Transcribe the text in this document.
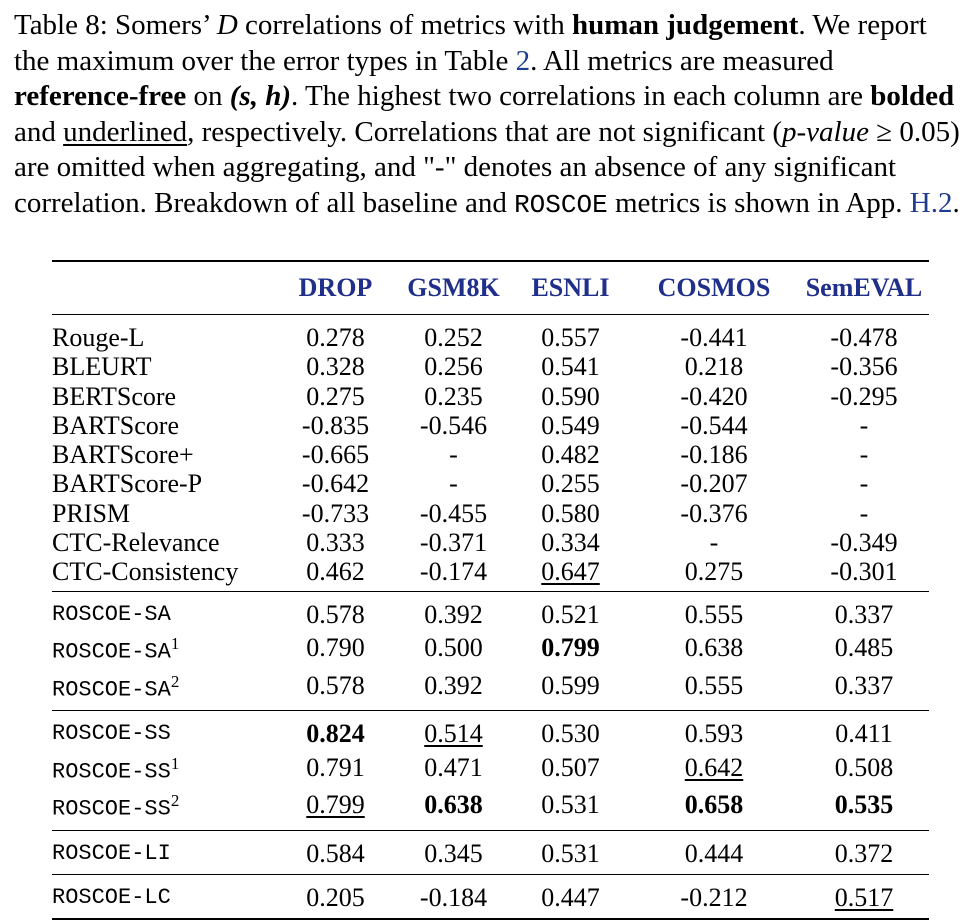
Table 8: Somers’ D correlations of metrics with human judgement. We report the maximum over the error types in Table 2. All metrics are measured reference-free on (s, h). The highest two correlations in each column are bolded and underlined, respectively. Correlations that are not significant (p-value ≥ 0.05) are omitted when aggregating, and "-" denotes an absence of any significant correlation. Breakdown of all baseline and ROSCOE metrics is shown in App. H.2.
	DROP	GSM8K	ESNLI	COSMOS	SemEVAL
Rouge-L	0.278	0.252	0.557	-0.441	-0.478
BLEURT	0.328	0.256	0.541	0.218	-0.356
BERTScore	0.275	0.235	0.590	-0.420	-0.295
BARTScore	-0.835	-0.546	0.549	-0.544	-
BARTScore+	-0.665	-	0.482	-0.186	-
BARTScore-P	-0.642	-	0.255	-0.207	-
PRISM	-0.733	-0.455	0.580	-0.376	-
CTC-Relevance	0.333	-0.371	0.334	-	-0.349
CTC-Consistency	0.462	-0.174	0.647	0.275	-0.301
ROSCOE-SA	0.578	0.392	0.521	0.555	0.337
ROSCOE-$SA^1$	0.790	0.500	0.799	0.638	0.485
ROSCOE-$SA^2$	0.578	0.392	0.599	0.555	0.337
ROSCOE-SS	0.824	0.514	0.530	0.593	0.411
ROSCOE-$SS^1$	0.791	0.471	0.507	0.642	0.508
ROSCOE-$SS^2$	0.799	0.638	0.531	0.658	0.535
ROSCOE-LI	0.584	0.345	0.531	0.444	0.372
ROSCOE-LC	0.205	-0.184	0.447	-0.212	0.517
